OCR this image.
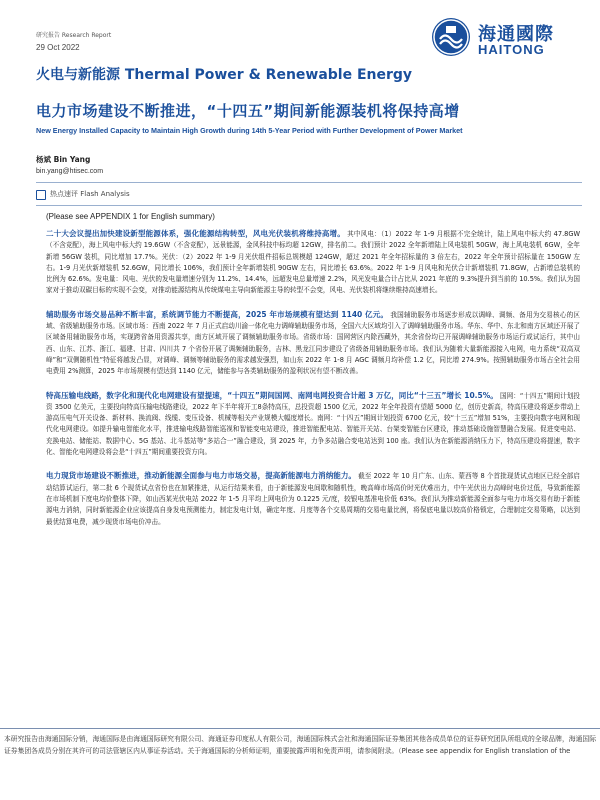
研究报告 Research Report
29 Oct 2022
海通國際
HAITONG
火电与新能源 Thermal Power & Renewable Energy
电力市场建设不断推进，“十四五”期间新能源装机将保持高增
New Energy Installed Capacity to Maintain High Growth during 14th 5-Year Period with Further Development of Power Market
杨斌 Bin Yang
bin.yang@htisec.com
热点速评 Flash Analysis
(Please see APPENDIX 1 for English summary)
二十大会议提出加快建设新型能源体系，强化能源结构转型，风电光伏装机将维持高增。 其中风电：（1）2022 年 1-9 月根据不完全统计，陆上风电中标大约 47.8GW（不含竞配），海上风电中标大约 19.6GW（不含竞配），远景能源，金风科技中标均超 12GW，排名前二。我们预计 2022 全年新增陆上风电装机 50GW，海上风电装机 6GW，全年新增 56GW 装机，同比增加 17.7%。光伏：（2）2022 年 1-9 月光伏组件招标总规模超 124GW，超过 2021 年全年招标量的 3 倍左右，2022 年全年预计招标量在 150GW 左右。1-9 月光伏新增装机 52.6GW，同比增长 106%，我们预计全年新增装机 90GW 左右，同比增长 63.6%。2022 年 1-9 月风电和光伏合计新增装机 71.8GW，占新增总装机的比例为 62.6%。发电量：风电、光伏的发电量增速分别为 11.2%、14.4%，远超发电总量增速 2.2%，风光发电量合计占比从 2021 年底的 9.3%提升到当前的 10.5%。我们认为国家对于推动双碳目标的实现不会变，对推动能源结构从传统煤电主导向新能源主导的转型不会变，风电、光伏装机将继续维持高速增长。
辅助服务市场交易品种不断丰富，系统调节能力不断提高，2025 年市场规模有望达到 1140 亿元。 我国辅助服务市场逐步形成以调峰、调频、备用为交易核心的区域、省级辅助服务市场。区域市场：西南 2022 年 7 月正式启动川渝一体化电力调峰辅助服务市场，全国六大区域均引入了调峰辅助服务市场。华东、华中、东北和南方区域还开展了区域备用辅助服务市场，实现跨省备用资源共享，南方区域开展了调频辅助服务市场。省级市场：国网营区内除西藏外，其余省份均已开展调峰辅助服务市场运行或试运行，其中山西、山东、江苏、浙江、福建、甘肃、四川共 7 个省份开展了调频辅助服务，吉林、黑龙江同步建设了省级备用辅助服务市场。我们认为随着大量新能源接入电网，电力系统“双高双峰”和“双侧随机性”特征将越发凸显，对调峰、调频等辅助服务的需求越发强烈，如山东 2022 年 1-8 月 AGC 调频月均补偿 1.2 亿，同比增 274.9%。按照辅助服务市场占全社会用电费用 2%测算，2025 年市场规模有望达到 1140 亿元，储能参与各类辅助服务的盈利状况有望不断改善。
特高压输电线路，数字化和现代化电网建设有望提速，“十四五”期间国网、南网电网投资合计超 3 万亿，同比“十三五”增长 10.5%。 国网：“十四五”期间计划投资 3500 亿美元，主要投向特高压输电线路建设，2022 年下半年将开工8条特高压，总投资超 1500 亿元，2022 年全年投资有望超 5000 亿，创历史新高，特高压建设将逐步带动上游高压电气开关设备、新材料、换流阀、线缆、变压设备、机械等相关产业规模大幅度增长。南网：“十四五”期间计划投资 6700 亿元，较“十三五”增加 51%，主要投向数字电网和现代化电网建设。如提升输电智能化水平，推进输电线路智能巡视和智能变电站建设，推进智能配电站、智能开关站、台架变智能台区建设，推动基础设施智慧融合发展。促进变电站、充换电站、储能站、数据中心、5G 基站、北斗基站等“多站合一”融合建设，到 2025 年，力争多站融合变电站达到 100 座。我们认为在新能源消纳压力下，特高压建设将提速，数字化、智能化电网建设将会是“十四五”期间重要投资方向。
电力现货市场建设不断推进，推动新能源全面参与电力市场交易，提高新能源电力消纳能力。 截至 2022 年 10 月广东、山东、蒙西等 8 个首批现货试点地区已经全部启动结算试运行，第二批 6 个现货试点省份也在加紧推进，从运行结果来看，由于新能源发电间歇和随机性，晚高峰市场高价时光伏难出力，中午光伏出力高峰时电价过低，导致新能源在市场机制下度电均价整体下降，如山西某光伏电站 2022 年 1-5 月平均上网电价为 0.1225 元/度，较银电基准电价低 63%。我们认为推动新能源全面参与电力市场交易有助于新能源电力消纳，同时新能源企业应该提高自身发电预测能力，制定发电计划，确定年度、月度等各个交易周期的交易电量比例，将保底电量以较高价格锁定，合理制定交易策略，以达到最优结算电费，减少现货市场电价冲击。
本研究报告由海通国际分销，海通国际是由海通国际研究有限公司、海通证券印度私人有限公司，海通国际株式会社和海通国际证券集团其他各成员单位的证券研究团队所组成的全球品牌，海通国际证券集团各成员分别在其许可的司法管辖区内从事证券活动。关于海通国际的分析师证明，重要披露声明和免责声明，请参阅附录。（Please see appendix for English translation of the
